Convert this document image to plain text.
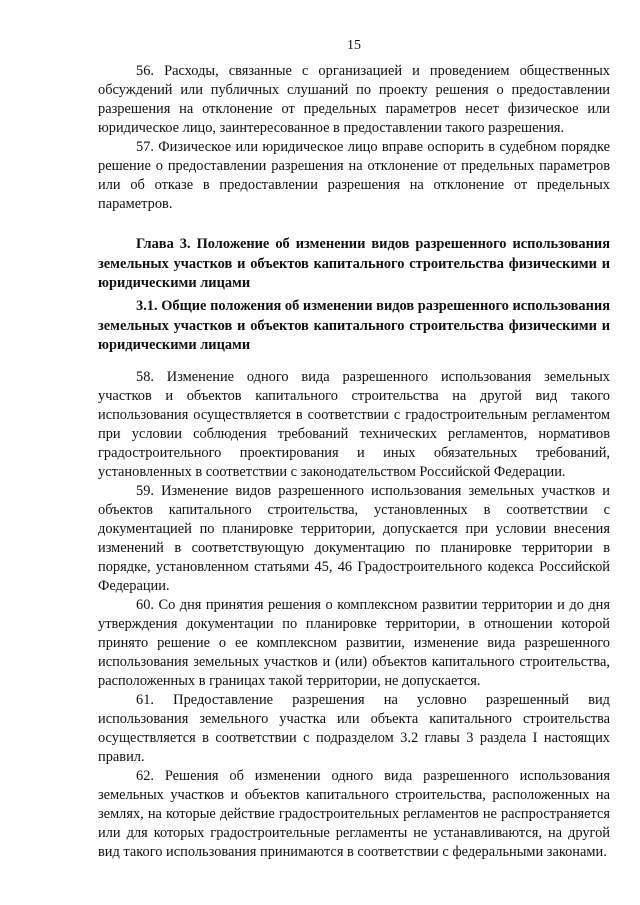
15

56. Расходы, связанные с организацией и проведением общественных обсуждений или публичных слушаний по проекту решения о предоставлении разрешения на отклонение от предельных параметров несет физическое или юридическое лицо, заинтересованное в предоставлении такого разрешения.

57. Физическое или юридическое лицо вправе оспорить в судебном порядке решение о предоставлении разрешения на отклонение от предельных параметров или об отказе в предоставлении разрешения на отклонение от предельных параметров.

Глава 3. Положение об изменении видов разрешенного использования земельных участков и объектов капитального строительства физическими и юридическими лицами

3.1. Общие положения об изменении видов разрешенного использования земельных участков и объектов капитального строительства физическими и юридическими лицами

58. Изменение одного вида разрешенного использования земельных участков и объектов капитального строительства на другой вид такого использования осуществляется в соответствии с градостроительным регламентом при условии соблюдения требований технических регламентов, нормативов градостроительного проектирования и иных обязательных требований, установленных в соответствии с законодательством Российской Федерации.

59. Изменение видов разрешенного использования земельных участков и объектов капитального строительства, установленных в соответствии с документацией по планировке территории, допускается при условии внесения изменений в соответствующую документацию по планировке территории в порядке, установленном статьями 45, 46 Градостроительного кодекса Российской Федерации.

60. Со дня принятия решения о комплексном развитии территории и до дня утверждения документации по планировке территории, в отношении которой принято решение о ее комплексном развитии, изменение вида разрешенного использования земельных участков и (или) объектов капитального строительства, расположенных в границах такой территории, не допускается.

61. Предоставление разрешения на условно разрешенный вид использования земельного участка или объекта капитального строительства осуществляется в соответствии с подразделом 3.2 главы 3 раздела I настоящих правил.

62. Решения об изменении одного вида разрешенного использования земельных участков и объектов капитального строительства, расположенных на землях, на которые действие градостроительных регламентов не распространяется или для которых градостроительные регламенты не устанавливаются, на другой вид такого использования принимаются в соответствии с федеральными законами.
